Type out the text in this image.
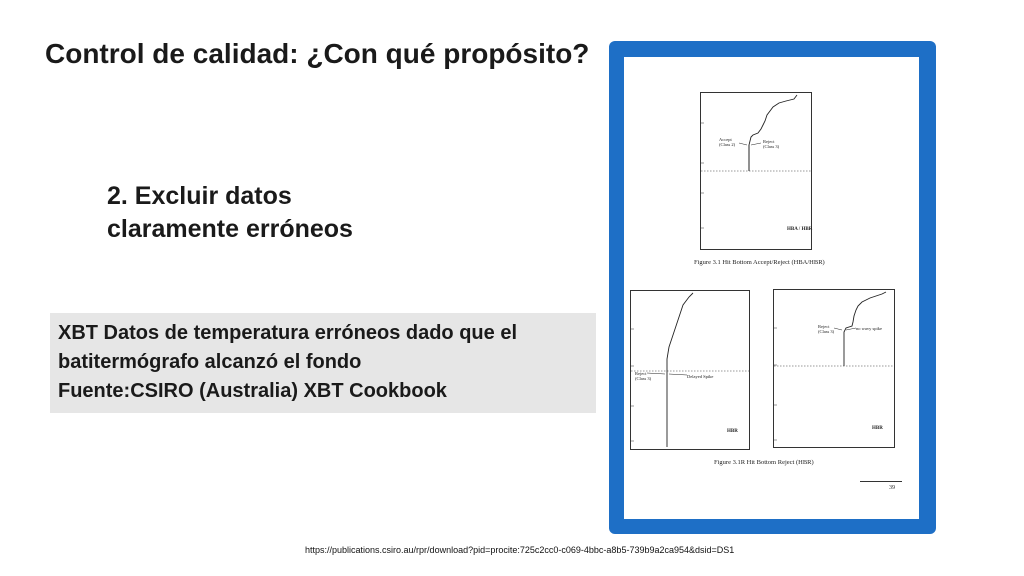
Control de calidad: ¿Con qué propósito?
2. Excluir datos
claramente erróneos
XBT Datos de temperatura erróneos dado que el
batitermógrafo alcanzó el fondo
Fuente:CSIRO (Australia) XBT Cookbook
Accept
(Class 2)
Reject
(Class 3)
HBA / HBR
Figure 3.1 Hit Bottom Accept/Reject (HBA/HBR)
Reject
(Class 3)	Delayed Spike
HBR
Reject
(Class 3)
no wavy spike
HBR
Figure 3.1R Hit Bottom Reject (HBR)
39
https://publications.csiro.au/rpr/download?pid=procite:725c2cc0-c069-4bbc-a8b5-739b9a2ca954&dsid=DS1
